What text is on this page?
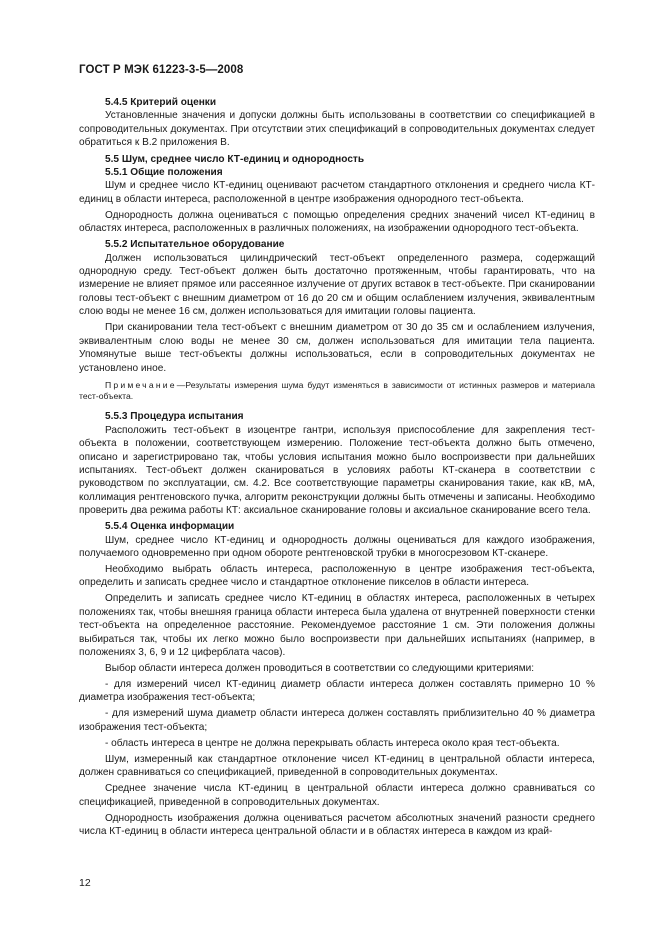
ГОСТ Р МЭК 61223-3-5—2008

5.4.5 Критерий оценки

Установленные значения и допуски должны быть использованы в соответствии со спецификацией в сопроводительных документах. При отсутствии этих спецификаций в сопроводительных документах следует обратиться к В.2 приложения В.

5.5 Шум, среднее число КТ-единиц и однородность

5.5.1 Общие положения

Шум и среднее число КТ-единиц оценивают расчетом стандартного отклонения и среднего числа КТ-единиц в области интереса, расположенной в центре изображения однородного тест-объекта.

Однородность должна оцениваться с помощью определения средних значений чисел КТ-единиц в областях интереса, расположенных в различных положениях, на изображении однородного тест-объекта.

5.5.2 Испытательное оборудование

Должен использоваться цилиндрический тест-объект определенного размера, содержащий однородную среду. Тест-объект должен быть достаточно протяженным, чтобы гарантировать, что на измерение не влияет прямое или рассеянное излучение от других вставок в тест-объекте. При сканировании головы тест-объект с внешним диаметром от 16 до 20 см и общим ослаблением излучения, эквивалентным слою воды не менее 16 см, должен использоваться для имитации головы пациента.

При сканировании тела тест-объект с внешним диаметром от 30 до 35 см и ослаблением излучения, эквивалентным слою воды не менее 30 см, должен использоваться для имитации тела пациента. Упомянутые выше тест-объекты должны использоваться, если в сопроводительных документах не установлено иное.

Примечание—Результаты измерения шума будут изменяться в зависимости от истинных размеров и материала тест-объекта.

5.5.3 Процедура испытания

Расположить тест-объект в изоцентре гантри, используя приспособление для закрепления тест-объекта в положении, соответствующем измерению. Положение тест-объекта должно быть отмечено, описано и зарегистрировано так, чтобы условия испытания можно было воспроизвести при дальнейших испытаниях. Тест-объект должен сканироваться в условиях работы КТ-сканера в соответствии с руководством по эксплуатации, см. 4.2. Все соответствующие параметры сканирования такие, как кВ, мА, коллимация рентгеновского пучка, алгоритм реконструкции должны быть отмечены и записаны. Необходимо проверить два режима работы КТ: аксиальное сканирование головы и аксиальное сканирование всего тела.

5.5.4 Оценка информации

Шум, среднее число КТ-единиц и однородность должны оцениваться для каждого изображения, получаемого одновременно при одном обороте рентгеновской трубки в многосрезовом КТ-сканере.

Необходимо выбрать область интереса, расположенную в центре изображения тест-объекта, определить и записать среднее число и стандартное отклонение пикселов в области интереса.

Определить и записать среднее число КТ-единиц в областях интереса, расположенных в четырех положениях так, чтобы внешняя граница области интереса была удалена от внутренней поверхности стенки тест-объекта на определенное расстояние. Рекомендуемое расстояние 1 см. Эти положения должны выбираться так, чтобы их легко можно было воспроизвести при дальнейших испытаниях (например, в положениях 3, 6, 9 и 12 циферблата часов).

Выбор области интереса должен проводиться в соответствии со следующими критериями:

- для измерений чисел КТ-единиц диаметр области интереса должен составлять примерно 10 % диаметра изображения тест-объекта;

- для измерений шума диаметр области интереса должен составлять приблизительно 40 % диаметра изображения тест-объекта;

- область интереса в центре не должна перекрывать область интереса около края тест-объекта.

Шум, измеренный как стандартное отклонение чисел КТ-единиц в центральной области интереса, должен сравниваться со спецификацией, приведенной в сопроводительных документах.

Среднее значение числа КТ-единиц в центральной области интереса должно сравниваться со спецификацией, приведенной в сопроводительных документах.

Однородность изображения должна оцениваться расчетом абсолютных значений разности среднего числа КТ-единиц в области интереса центральной области и в областях интереса в каждом из край-

12
